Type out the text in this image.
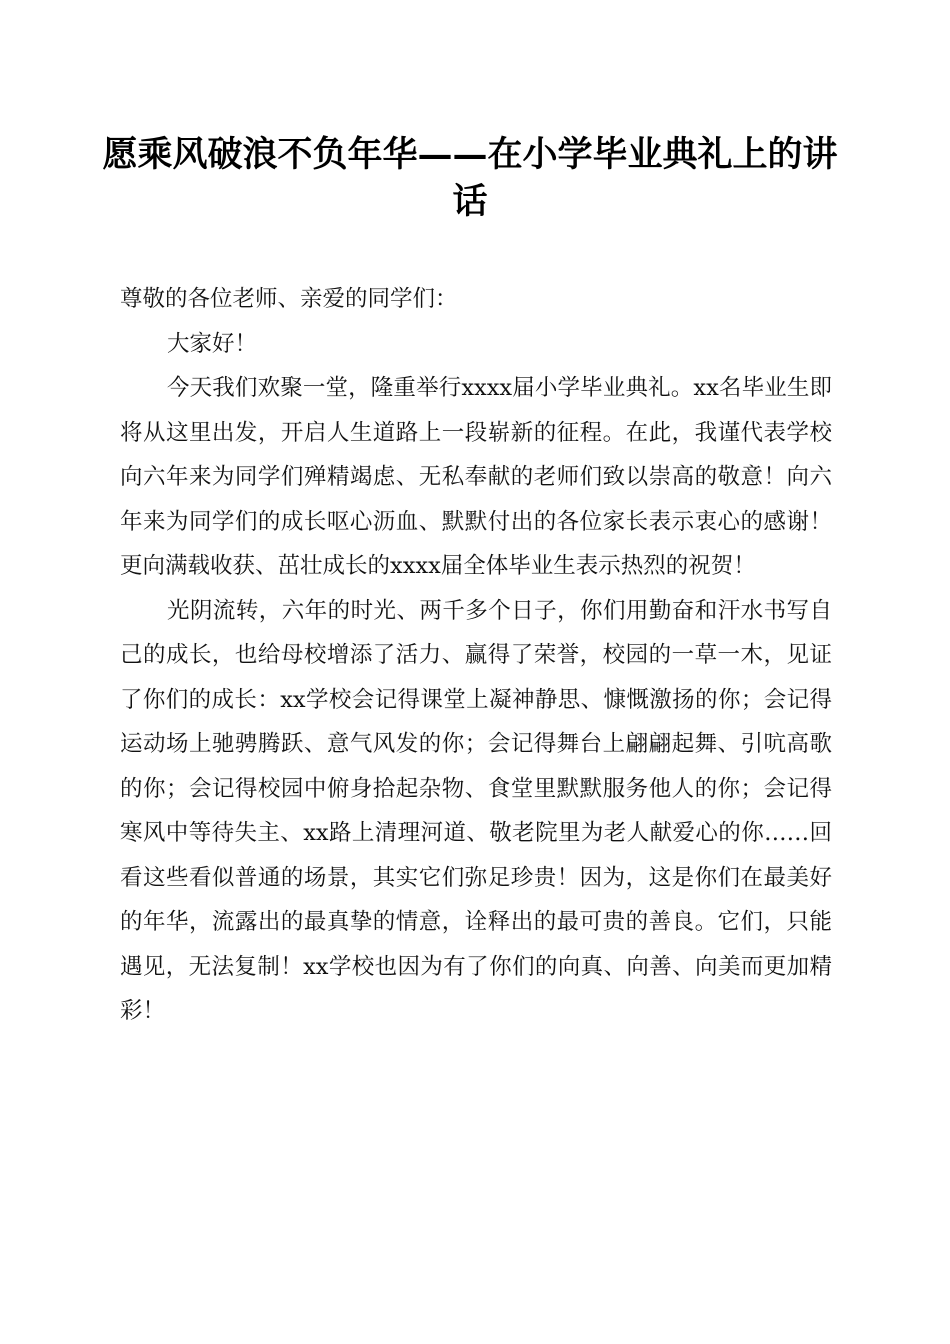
愿乘风破浪不负年华——在小学毕业典礼上的讲话

尊敬的各位老师、亲爱的同学们：

大家好！

今天我们欢聚一堂，隆重举行xxxx届小学毕业典礼。xx名毕业生即将从这里出发，开启人生道路上一段崭新的征程。在此，我谨代表学校向六年来为同学们殚精竭虑、无私奉献的老师们致以崇高的敬意！向六年来为同学们的成长呕心沥血、默默付出的各位家长表示衷心的感谢！更向满载收获、茁壮成长的xxxx届全体毕业生表示热烈的祝贺！

光阴流转，六年的时光、两千多个日子，你们用勤奋和汗水书写自己的成长，也给母校增添了活力、赢得了荣誉，校园的一草一木，见证了你们的成长：xx学校会记得课堂上凝神静思、慷慨激扬的你；会记得运动场上驰骋腾跃、意气风发的你；会记得舞台上翩翩起舞、引吭高歌的你；会记得校园中俯身拾起杂物、食堂里默默服务他人的你；会记得寒风中等待失主、xx路上清理河道、敬老院里为老人献爱心的你……回看这些看似普通的场景，其实它们弥足珍贵！因为，这是你们在最美好的年华，流露出的最真挚的情意，诠释出的最可贵的善良。它们，只能遇见，无法复制！xx学校也因为有了你们的向真、向善、向美而更加精彩！
